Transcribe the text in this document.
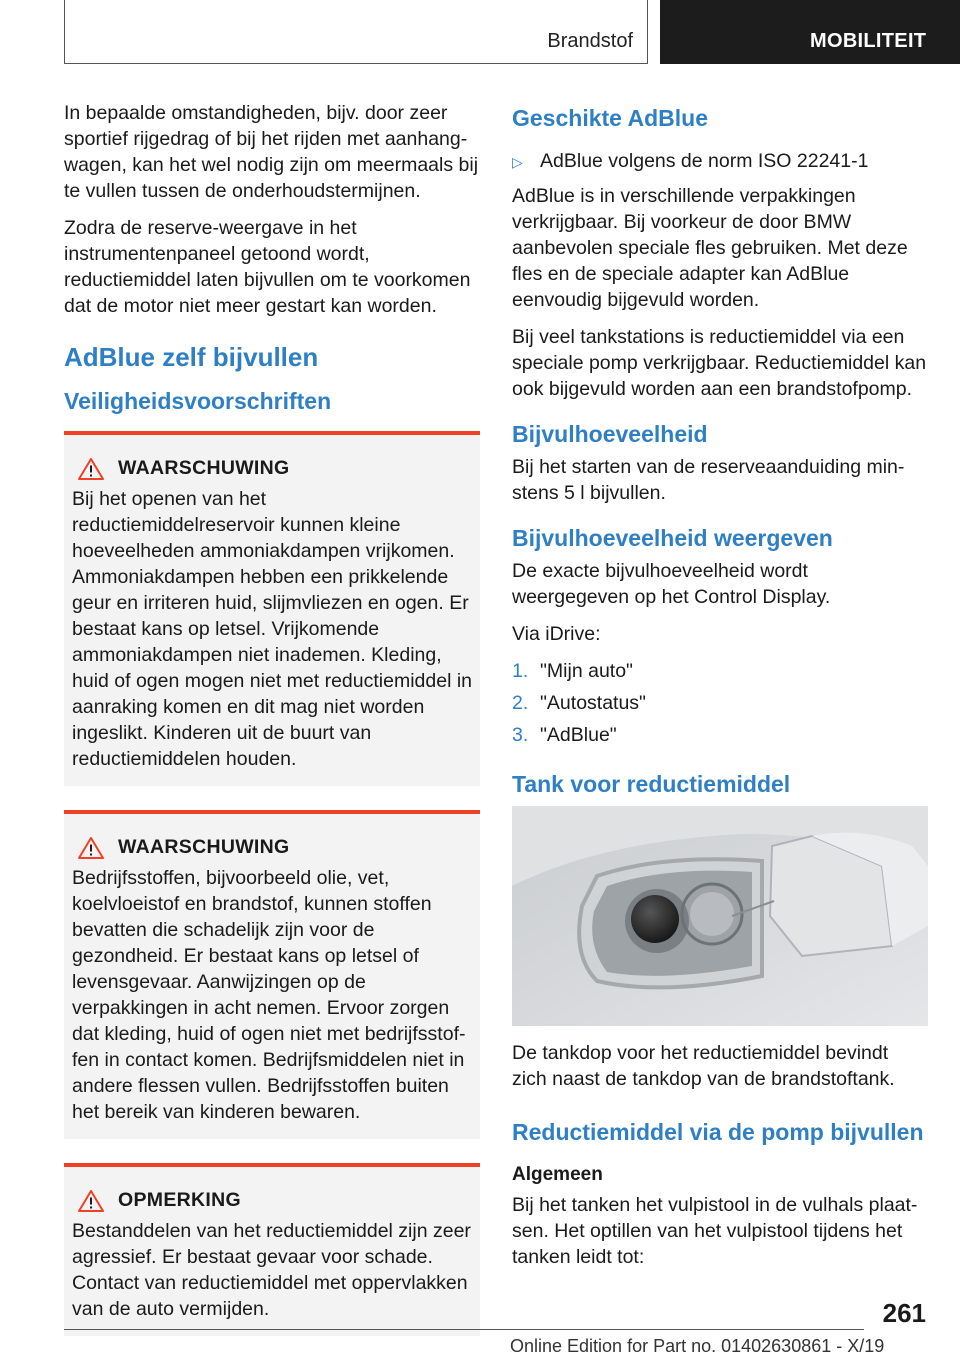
Brandstof	MOBILITEIT

In bepaalde omstandigheden, bijv. door zeer sportief rijgedrag of bij het rijden met aanhangwagen, kan het wel nodig zijn om meermaals bij te vullen tussen de onderhoudstermijnen.

Zodra de reserve-weergave in het instrumentenpaneel getoond wordt, reductiemiddel laten bijvullen om te voorkomen dat de motor niet meer gestart kan worden.

AdBlue zelf bijvullen
Veiligheidsvoorschriften
WAARSCHUWING

Bij het openen van het reductiemiddelreservoir kunnen kleine hoeveelheden ammoniakdampen vrijkomen. Ammoniakdampen hebben een prikkelende geur en irriteren huid, slijmvliezen en ogen. Er bestaat kans op letsel. Vrijkomende ammoniakdampen niet inademen. Kleding, huid of ogen mogen niet met reductiemiddel in aanraking komen en dit mag niet worden ingeslikt. Kinderen uit de buurt van reductiemiddelen houden.

WAARSCHUWING

Bedrijfsstoffen, bijvoorbeeld olie, vet, koelvloeistof en brandstof, kunnen stoffen bevatten die schadelijk zijn voor de gezondheid. Er bestaat kans op letsel of levensgevaar. Aanwijzingen op de verpakkingen in acht nemen. Ervoor zorgen dat kleding, huid of ogen niet met bedrijfsstoffen in contact komen. Bedrijfsmiddelen niet in andere flessen vullen. Bedrijfsstoffen buiten het bereik van kinderen bewaren.

OPMERKING

Bestanddelen van het reductiemiddel zijn zeer agressief. Er bestaat gevaar voor schade. Contact van reductiemiddel met oppervlakken van de auto vermijden.

Geschikte AdBlue
▷ AdBlue volgens de norm ISO 22241-1

AdBlue is in verschillende verpakkingen verkrijgbaar. Bij voorkeur de door BMW aanbevolen speciale fles gebruiken. Met deze fles en de speciale adapter kan AdBlue eenvoudig bijgevuld worden.

Bij veel tankstations is reductiemiddel via een speciale pomp verkrijgbaar. Reductiemiddel kan ook bijgevuld worden aan een brandstofpomp.

Bijvulhoeveelheid

Bij het starten van de reserveaanduiding minstens 5 l bijvullen.

Bijvulhoeveelheid weergeven

De exacte bijvulhoeveelheid wordt weergegeven op het Control Display.

Via iDrive:

1. "Mijn auto"
2. "Autostatus"
3. "AdBlue"
Tank voor reductiemiddel

De tankdop voor het reductiemiddel bevindt zich naast de tankdop van de brandstoftank.

Reductiemiddel via de pomp bijvullen
Algemeen

Bij het tanken het vulpistool in de vulhals plaatsen. Het optillen van het vulpistool tijdens het tanken leidt tot:

261
Online Edition for Part no. 01402630861 - X/19
